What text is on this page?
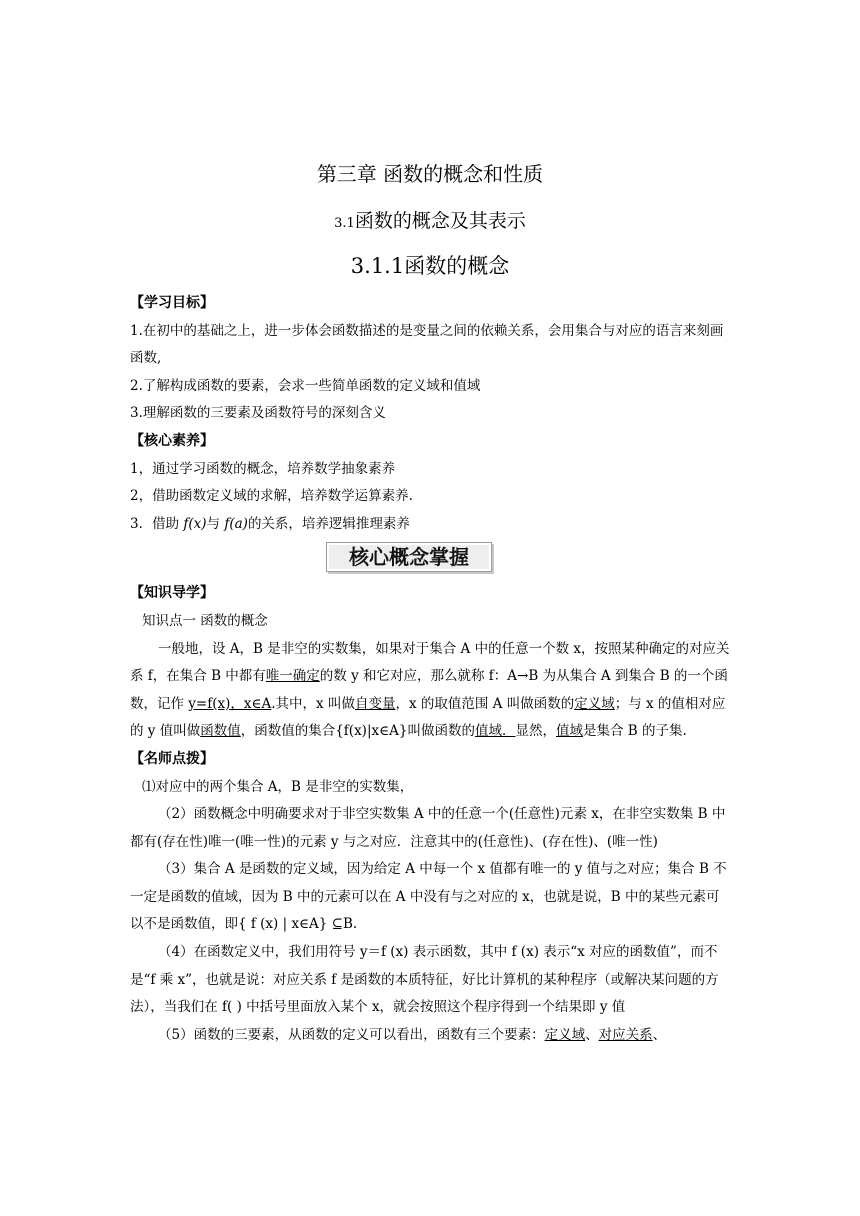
第三章 函数的概念和性质
3.1函数的概念及其表示
3.1.1函数的概念

【学习目标】

1.在初中的基础之上，进一步体会函数描述的是变量之间的依赖关系，会用集合与对应的语言来刻画函数,

2.了解构成函数的要素，会求一些简单函数的定义域和值域

3.理解函数的三要素及函数符号的深刻含义

【核心素养】

1，通过学习函数的概念，培养数学抽象素养

2，借助函数定义域的求解，培养数学运算素养.

3．借助 f(x)与 f(a)的关系，培养逻辑推理素养

核心概念掌握

【知识导学】

知识点一 函数的概念

一般地，设 A，B 是非空的实数集，如果对于集合 A 中的任意一个数 x，按照某种确定的对应关系 f，在集合 B 中都有唯一确定的数 y 和它对应，那么就称 f：A→B 为从集合 A 到集合 B 的一个函数，记作 y=f(x)，x∈A.其中，x 叫做自变量，x 的取值范围 A 叫做函数的定义域；与 x 的值相对应的 y 值叫做函数值，函数值的集合{f(x)|x∈A}叫做函数的值域．显然，值域是集合 B 的子集.

【名师点拨】

⑴对应中的两个集合 A，B 是非空的实数集，

（2）函数概念中明确要求对于非空实数集 A 中的任意一个(任意性)元素 x，在非空实数集 B 中都有(存在性)唯一(唯一性)的元素 y 与之对应．注意其中的(任意性)、(存在性)、(唯一性)

（3）集合 A 是函数的定义域，因为给定 A 中每一个 x 值都有唯一的 y 值与之对应；集合 B 不一定是函数的值域，因为 B 中的元素可以在 A 中没有与之对应的 x，也就是说，B 中的某些元素可以不是函数值，即{ f (x) | x∈A} ⊆B.

（4）在函数定义中，我们用符号 y＝f (x) 表示函数，其中 f (x) 表示“x 对应的函数值”，而不是“f 乘 x”，也就是说：对应关系 f 是函数的本质特征，好比计算机的某种程序（或解决某问题的方法），当我们在 f( ) 中括号里面放入某个 x，就会按照这个程序得到一个结果即 y 值

（5）函数的三要素，从函数的定义可以看出，函数有三个要素：定义域、对应关系、
